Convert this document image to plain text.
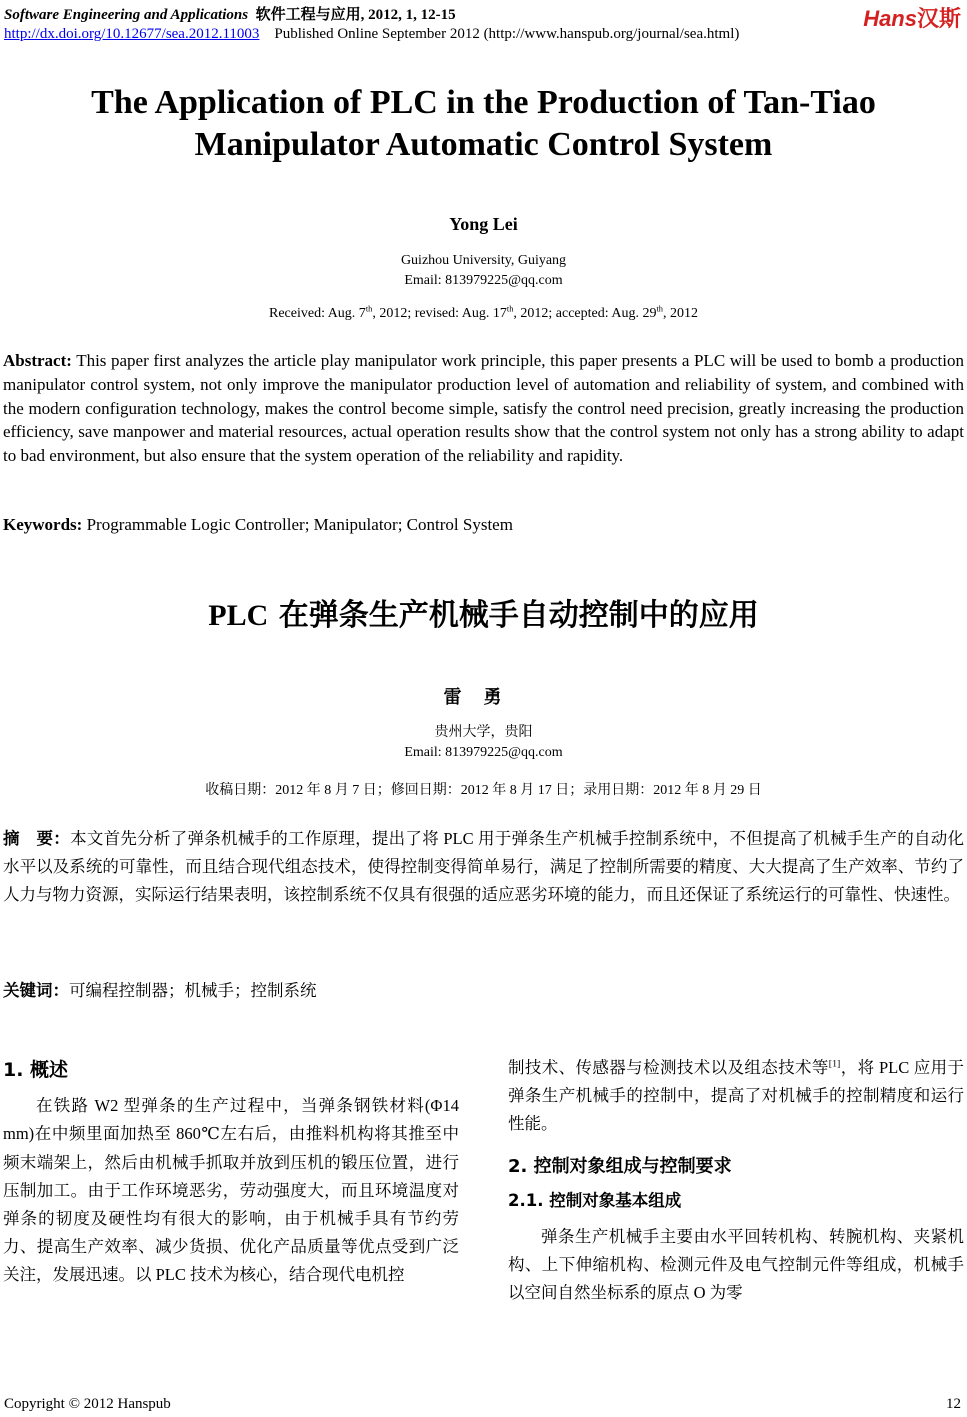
Software Engineering and Applications 软件工程与应用, 2012, 1, 12-15	Hans汉斯
http://dx.doi.org/10.12677/sea.2012.11003 Published Online September 2012 (http://www.hanspub.org/journal/sea.html)
The Application of PLC in the Production of Tan-Tiao
Manipulator Automatic Control System
Yong Lei
Guizhou University, Guiyang
Email: 813979225@qq.com
Received: Aug. 7th, 2012; revised: Aug. 17th, 2012; accepted: Aug. 29th, 2012
Abstract: This paper first analyzes the article play manipulator work principle, this paper presents a PLC will be used to bomb a production manipulator control system, not only improve the manipulator production level of automation and reliability of system, and combined with the modern configuration technology, makes the control become simple, satisfy the control need precision, greatly increasing the production efficiency, save manpower and material resources, actual operation results show that the control system not only has a strong ability to adapt to bad environment, but also ensure that the system operation of the reliability and rapidity.
Keywords: Programmable Logic Controller; Manipulator; Control System
PLC 在弹条生产机械手自动控制中的应用
雷勇
贵州大学，贵阳
Email: 813979225@qq.com
收稿日期：2012 年 8 月 7 日；修回日期：2012 年 8 月 17 日；录用日期：2012 年 8 月 29 日
摘　要：本文首先分析了弹条机械手的工作原理，提出了将 PLC 用于弹条生产机械手控制系统中，不但提高了机械手生产的自动化水平以及系统的可靠性，而且结合现代组态技术，使得控制变得简单易行，满足了控制所需要的精度、大大提高了生产效率、节约了人力与物力资源，实际运行结果表明，该控制系统不仅具有很强的适应恶劣环境的能力，而且还保证了系统运行的可靠性、快速性。
关键词：可编程控制器；机械手；控制系统
1. 概述
在铁路 W2 型弹条的生产过程中，当弹条钢铁材料(Φ14 mm)在中频里面加热至 860℃左右后，由推料机构将其推至中频末端架上，然后由机械手抓取并放到压机的锻压位置，进行压制加工。由于工作环境恶劣，劳动强度大，而且环境温度对弹条的韧度及硬性均有很大的影响，由于机械手具有节约劳力、提高生产效率、减少货损、优化产品质量等优点受到广泛关注，发展迅速。以 PLC 技术为核心，结合现代电机控
制技术、传感器与检测技术以及组态技术等[1]，将 PLC 应用于弹条生产机械手的控制中，提高了对机械手的控制精度和运行性能。
2. 控制对象组成与控制要求
2.1. 控制对象基本组成
弹条生产机械手主要由水平回转机构、转腕机构、夹紧机构、上下伸缩机构、检测元件及电气控制元件等组成，机械手以空间自然坐标系的原点 O 为零
Copyright © 2012 Hanspub	12
